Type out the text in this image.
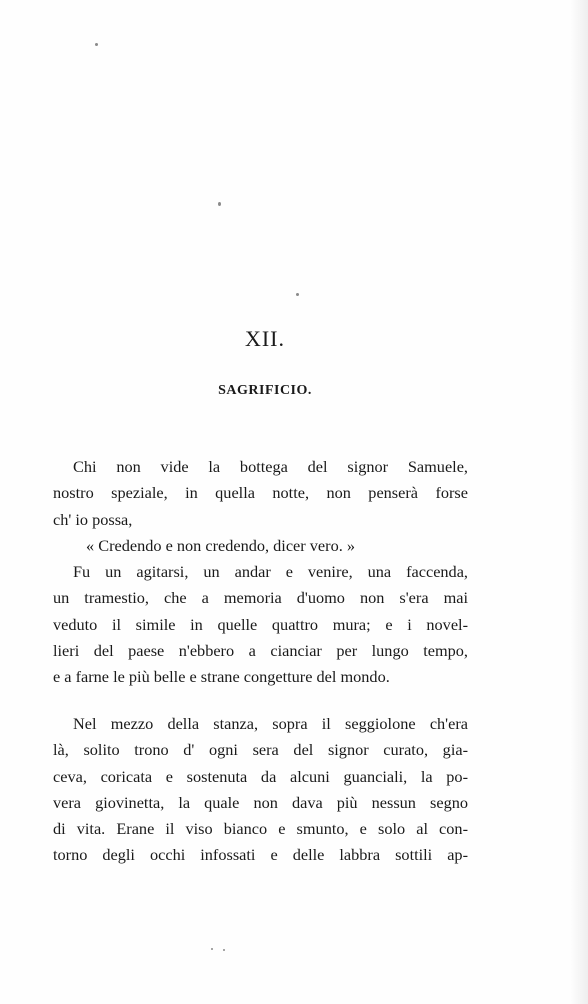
XII.
SAGRIFICIO.
Chi non vide la bottega del signor Samuele,
nostro speziale, in quella notte, non penserà forse
ch' io possa,
« Credendo e non credendo, dicer vero. »
Fu un agitarsi, un andar e venire, una faccenda,
un tramestio, che a memoria d'uomo non s'era mai
veduto il simile in quelle quattro mura; e i novel-
lieri del paese n'ebbero a cianciar per lungo tempo,
e a farne le più belle e strane congetture del mondo.
Nel mezzo della stanza, sopra il seggiolone ch'era
là, solito trono d' ogni sera del signor curato, gia-
ceva, coricata e sostenuta da alcuni guanciali, la po-
vera giovinetta, la quale non dava più nessun segno
di vita. Erane il viso bianco e smunto, e solo al con-
torno degli occhi infossati e delle labbra sottili ap-
